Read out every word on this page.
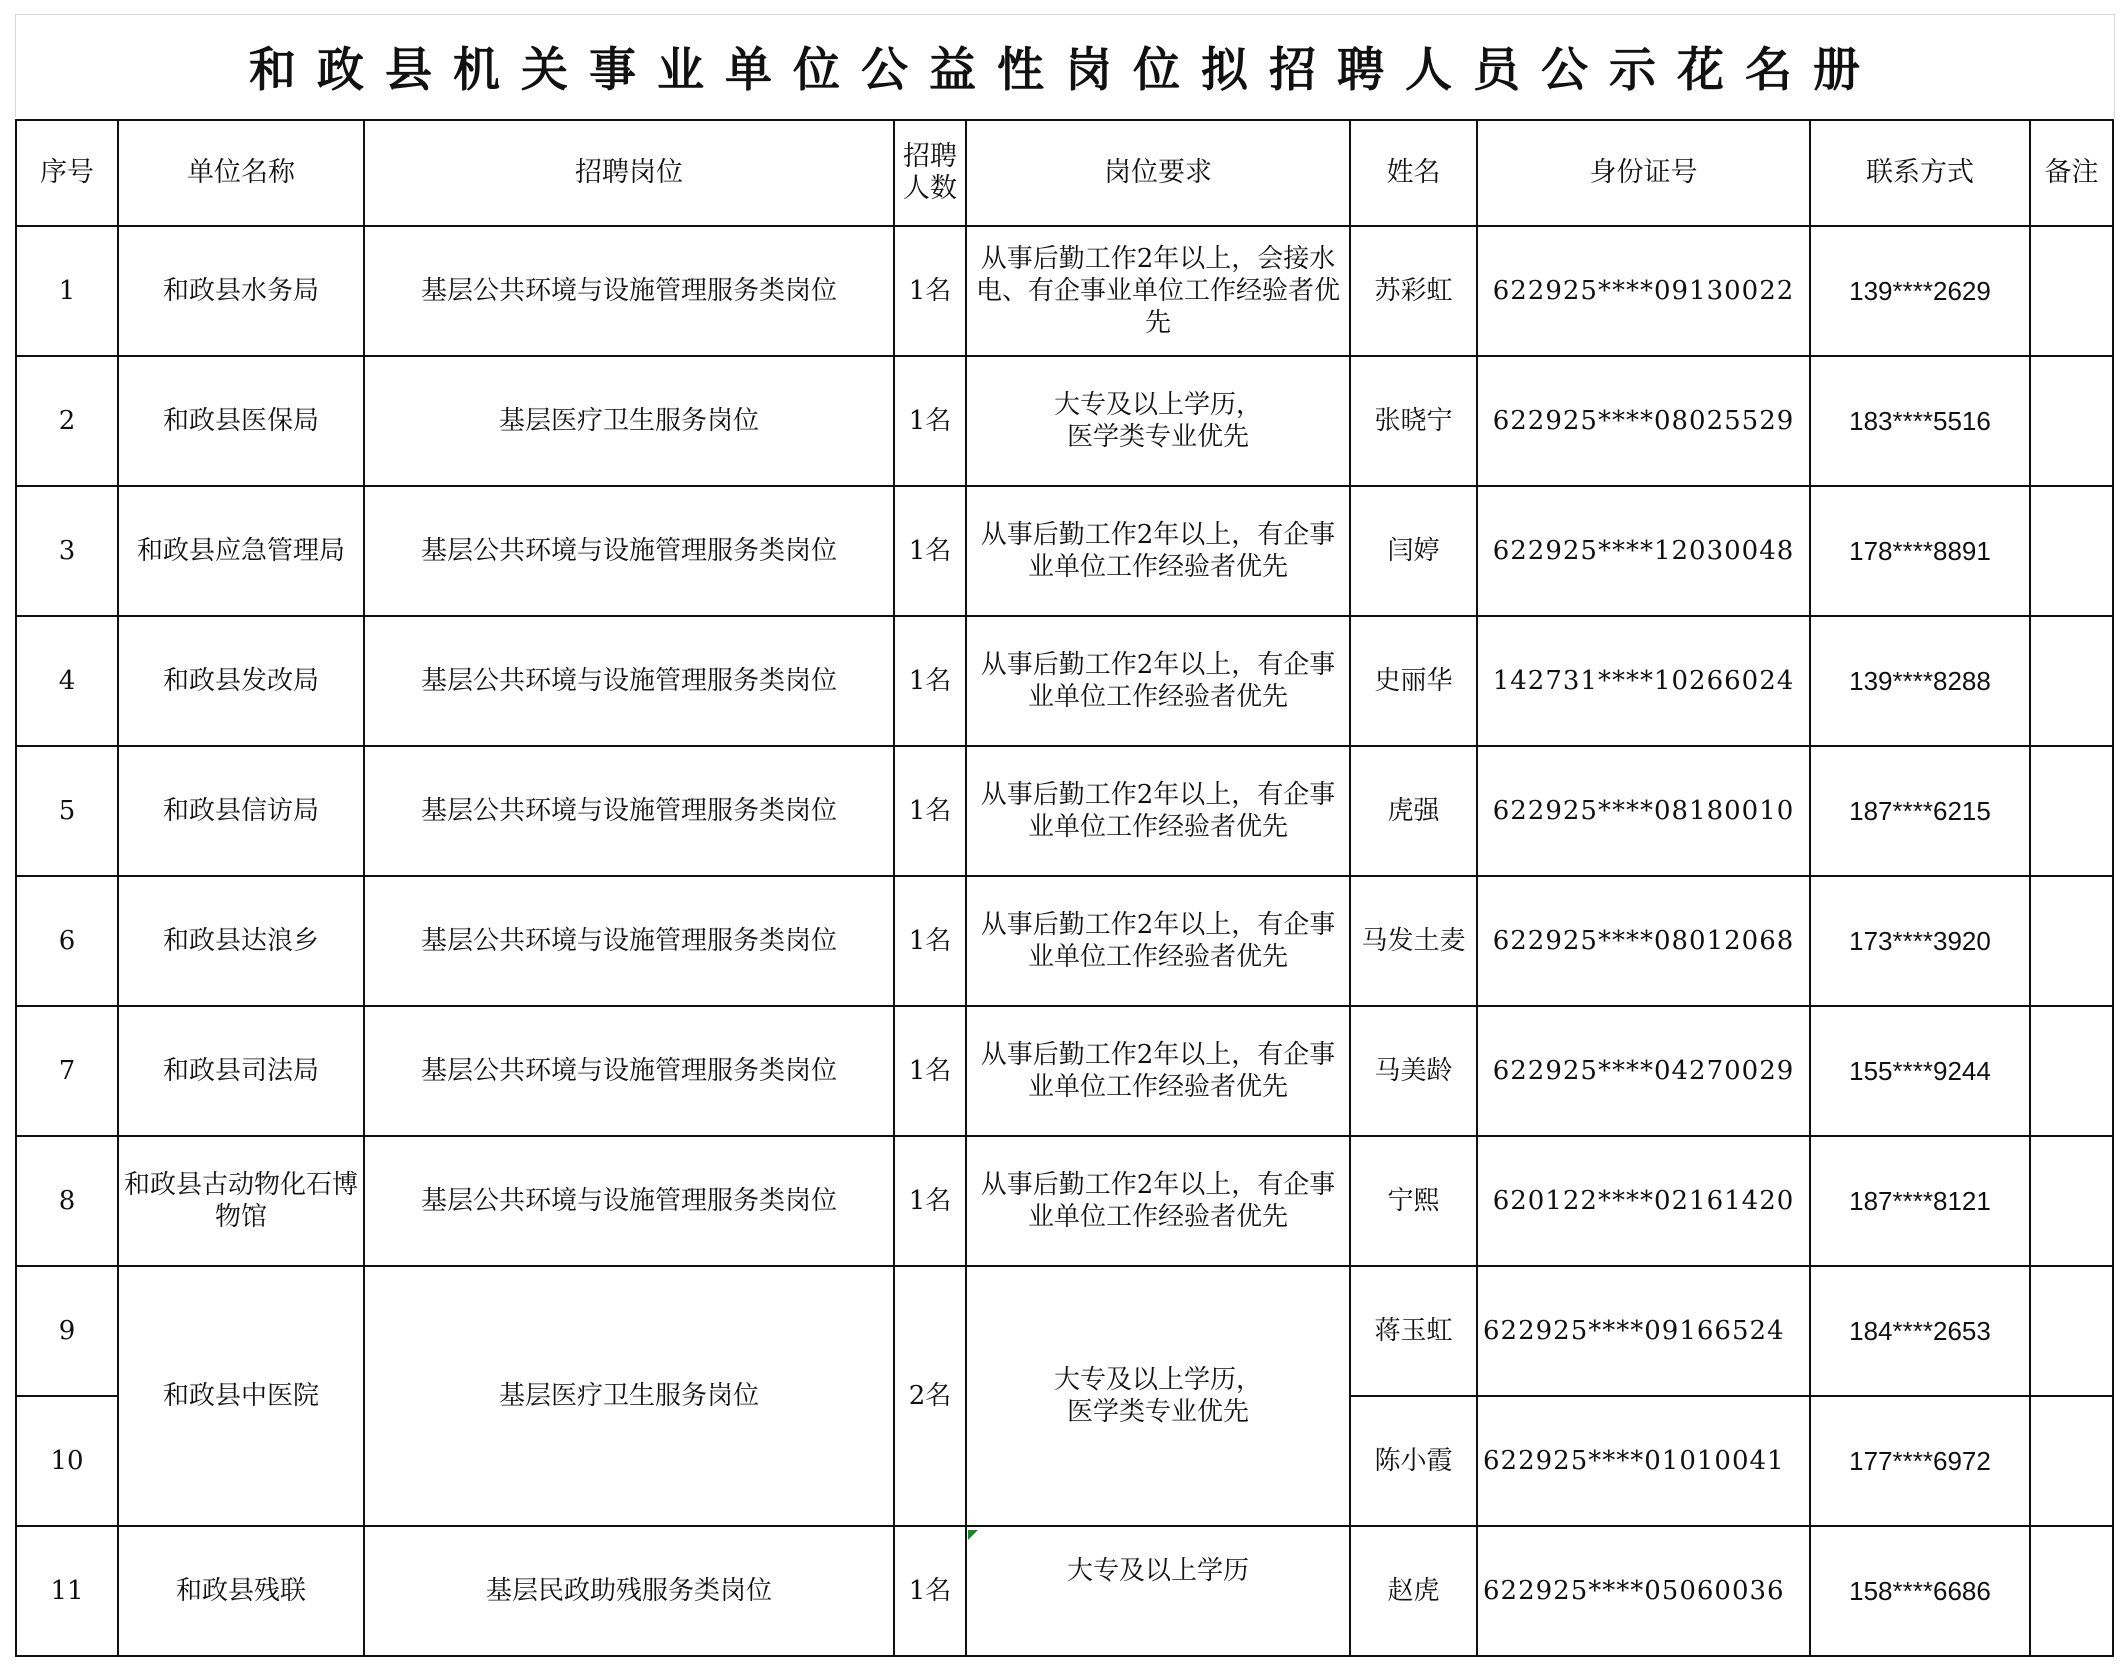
和政县机关事业单位公益性岗位拟招聘人员公示花名册
序号	单位名称	招聘岗位	招聘
人数	岗位要求	姓名	身份证号	联系方式	备注
1	和政县水务局	基层公共环境与设施管理服务类岗位	1名	从事后勤工作2年以上，会接水电、有企事业单位工作经验者优先	苏彩虹	622925****09130022	139****2629	
2	和政县医保局	基层医疗卫生服务岗位	1名	大专及以上学历，
医学类专业优先	张晓宁	622925****08025529	183****5516	
3	和政县应急管理局	基层公共环境与设施管理服务类岗位	1名	从事后勤工作2年以上，有企事业单位工作经验者优先	闫婷	622925****12030048	178****8891	
4	和政县发改局	基层公共环境与设施管理服务类岗位	1名	从事后勤工作2年以上，有企事业单位工作经验者优先	史丽华	142731****10266024	139****8288	
5	和政县信访局	基层公共环境与设施管理服务类岗位	1名	从事后勤工作2年以上，有企事业单位工作经验者优先	虎强	622925****08180010	187****6215	
6	和政县达浪乡	基层公共环境与设施管理服务类岗位	1名	从事后勤工作2年以上，有企事业单位工作经验者优先	马发土麦	622925****08012068	173****3920	
7	和政县司法局	基层公共环境与设施管理服务类岗位	1名	从事后勤工作2年以上，有企事业单位工作经验者优先	马美龄	622925****04270029	155****9244	
8	和政县古动物化石博物馆	基层公共环境与设施管理服务类岗位	1名	从事后勤工作2年以上，有企事业单位工作经验者优先	宁熙	620122****02161420	187****8121	
9	和政县中医院	基层医疗卫生服务岗位	2名	大专及以上学历，
医学类专业优先	蒋玉虹	622925****09166524	184****2653	
10					陈小霞	622925****01010041	177****6972	
11	和政县残联	基层民政助残服务类岗位	1名	大专及以上学历	赵虎	622925****05060036	158****6686	
